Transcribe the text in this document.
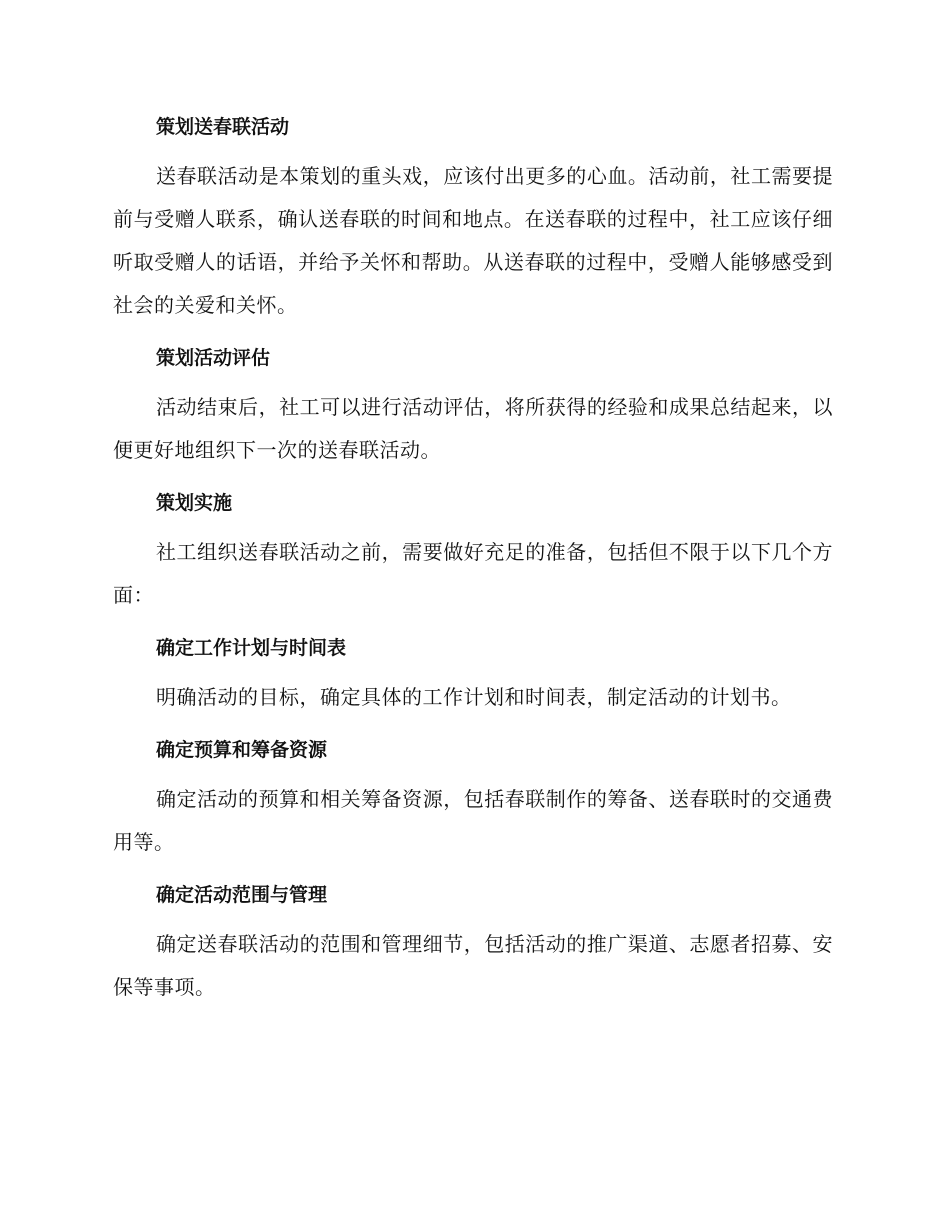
策划送春联活动

送春联活动是本策划的重头戏，应该付出更多的心血。活动前，社工需要提前与受赠人联系，确认送春联的时间和地点。在送春联的过程中，社工应该仔细听取受赠人的话语，并给予关怀和帮助。从送春联的过程中，受赠人能够感受到社会的关爱和关怀。

策划活动评估

活动结束后，社工可以进行活动评估，将所获得的经验和成果总结起来，以便更好地组织下一次的送春联活动。

策划实施

社工组织送春联活动之前，需要做好充足的准备，包括但不限于以下几个方面：

确定工作计划与时间表

明确活动的目标，确定具体的工作计划和时间表，制定活动的计划书。

确定预算和筹备资源

确定活动的预算和相关筹备资源，包括春联制作的筹备、送春联时的交通费用等。

确定活动范围与管理

确定送春联活动的范围和管理细节，包括活动的推广渠道、志愿者招募、安保等事项。
